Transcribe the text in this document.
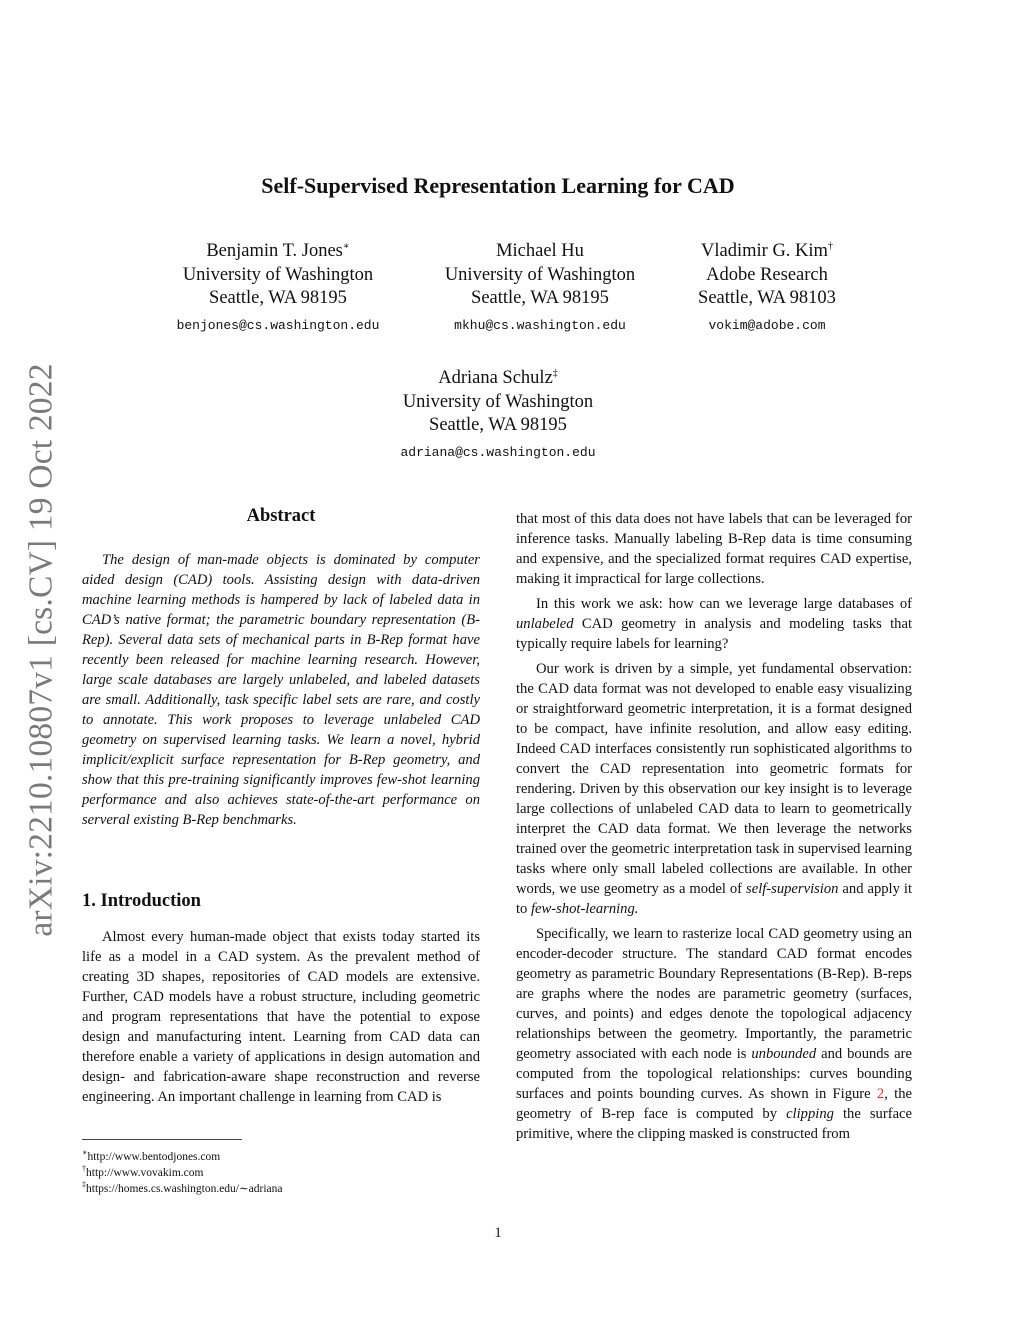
arXiv:2210.10807v1 [cs.CV] 19 Oct 2022
Self-Supervised Representation Learning for CAD
Benjamin T. Jones∗
University of Washington
Seattle, WA 98195
benjones@cs.washington.edu
Michael Hu
University of Washington
Seattle, WA 98195
mkhu@cs.washington.edu
Vladimir G. Kim†
Adobe Research
Seattle, WA 98103
vokim@adobe.com
Adriana Schulz‡
University of Washington
Seattle, WA 98195
adriana@cs.washington.edu
Abstract

The design of man-made objects is dominated by computer aided design (CAD) tools. Assisting design with data-driven machine learning methods is hampered by lack of labeled data in CAD’s native format; the parametric boundary representation (B-Rep). Several data sets of mechanical parts in B-Rep format have recently been released for machine learning research. However, large scale databases are largely unlabeled, and labeled datasets are small. Additionally, task specific label sets are rare, and costly to annotate. This work proposes to leverage unlabeled CAD geometry on supervised learning tasks. We learn a novel, hybrid implicit/explicit surface representation for B-Rep geometry, and show that this pre-training significantly improves few-shot learning performance and also achieves state-of-the-art performance on serveral existing B-Rep benchmarks.

1. Introduction

Almost every human-made object that exists today started its life as a model in a CAD system. As the prevalent method of creating 3D shapes, repositories of CAD models are extensive. Further, CAD models have a robust structure, including geometric and program representations that have the potential to expose design and manufacturing intent. Learning from CAD data can therefore enable a variety of applications in design automation and design- and fabrication-aware shape reconstruction and reverse engineering. An important challenge in learning from CAD is

∗http://www.bentodjones.com
†http://www.vovakim.com
‡https://homes.cs.washington.edu/∼adriana

that most of this data does not have labels that can be leveraged for inference tasks. Manually labeling B-Rep data is time consuming and expensive, and the specialized format requires CAD expertise, making it impractical for large collections.

In this work we ask: how can we leverage large databases of unlabeled CAD geometry in analysis and modeling tasks that typically require labels for learning?

Our work is driven by a simple, yet fundamental observation: the CAD data format was not developed to enable easy visualizing or straightforward geometric interpretation, it is a format designed to be compact, have infinite resolution, and allow easy editing. Indeed CAD interfaces consistently run sophisticated algorithms to convert the CAD representation into geometric formats for rendering. Driven by this observation our key insight is to leverage large collections of unlabeled CAD data to learn to geometrically interpret the CAD data format. We then leverage the networks trained over the geometric interpretation task in supervised learning tasks where only small labeled collections are available. In other words, we use geometry as a model of self-supervision and apply it to few-shot-learning.

Specifically, we learn to rasterize local CAD geometry using an encoder-decoder structure. The standard CAD format encodes geometry as parametric Boundary Representations (B-Rep). B-reps are graphs where the nodes are parametric geometry (surfaces, curves, and points) and edges denote the topological adjacency relationships between the geometry. Importantly, the parametric geometry associated with each node is unbounded and bounds are computed from the topological relationships: curves bounding surfaces and points bounding curves. As shown in Figure 2, the geometry of B-rep face is computed by clipping the surface primitive, where the clipping masked is constructed from

1
